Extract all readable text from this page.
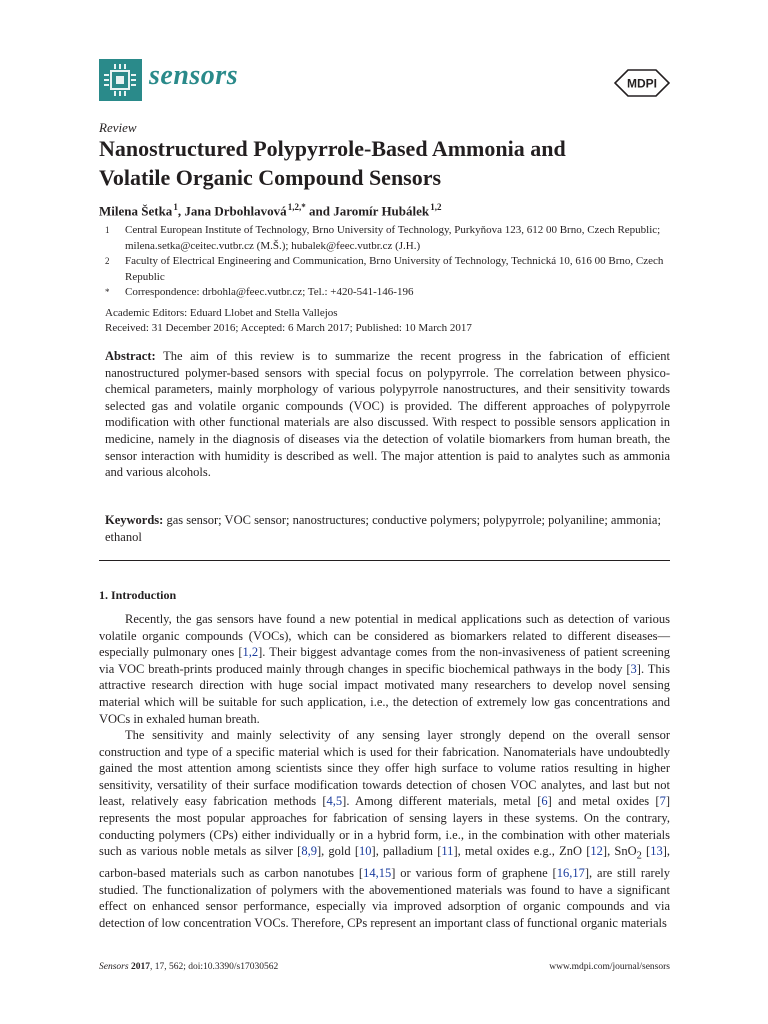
sensors	MDPI
Review
Nanostructured Polypyrrole-Based Ammonia and
Volatile Organic Compound Sensors
Milena Šetka $^1$, Jana Drbohlavová $^{1,2,*}$ and Jaromír Hubálek $^{1,2}$
1 Central European Institute of Technology, Brno University of Technology, Purkyňova 123, 612 00 Brno, Czech Republic; milena.setka@ceitec.vutbr.cz (M.Š.); hubalek@feec.vutbr.cz (J.H.)
2 Faculty of Electrical Engineering and Communication, Brno University of Technology, Technická 10, 616 00 Brno, Czech Republic
* Correspondence: drbohla@feec.vutbr.cz; Tel.: +420-541-146-196
Academic Editors: Eduard Llobet and Stella Vallejos
Received: 31 December 2016; Accepted: 6 March 2017; Published: 10 March 2017
Abstract: The aim of this review is to summarize the recent progress in the fabrication of efficient nanostructured polymer-based sensors with special focus on polypyrrole. The correlation between physico-chemical parameters, mainly morphology of various polypyrrole nanostructures, and their sensitivity towards selected gas and volatile organic compounds (VOC) is provided. The different approaches of polypyrrole modification with other functional materials are also discussed. With respect to possible sensors application in medicine, namely in the diagnosis of diseases via the detection of volatile biomarkers from human breath, the sensor interaction with humidity is described as well. The major attention is paid to analytes such as ammonia and various alcohols.
Keywords: gas sensor; VOC sensor; nanostructures; conductive polymers; polypyrrole; polyaniline; ammonia; ethanol
1. Introduction
Recently, the gas sensors have found a new potential in medical applications such as detection of various volatile organic compounds (VOCs), which can be considered as biomarkers related to different diseases—especially pulmonary ones [1,2]. Their biggest advantage comes from the non-invasiveness of patient screening via VOC breath-prints produced mainly through changes in specific biochemical pathways in the body [3]. This attractive research direction with huge social impact motivated many researchers to develop novel sensing material which will be suitable for such application, i.e., the detection of extremely low gas concentrations and VOCs in exhaled human breath.
The sensitivity and mainly selectivity of any sensing layer strongly depend on the overall sensor construction and type of a specific material which is used for their fabrication. Nanomaterials have undoubtedly gained the most attention among scientists since they offer high surface to volume ratios resulting in higher sensitivity, versatility of their surface modification towards detection of chosen VOC analytes, and last but not least, relatively easy fabrication methods [4,5]. Among different materials, metal [6] and metal oxides [7] represents the most popular approaches for fabrication of sensing layers in these systems. On the contrary, conducting polymers (CPs) either individually or in a hybrid form, i.e., in the combination with other materials such as various noble metals as silver [8,9], gold [10], palladium [11], metal oxides e.g., ZnO [12], SnO$_2$ [13], carbon-based materials such as carbon nanotubes [14,15] or various form of graphene [16,17], are still rarely studied. The functionalization of polymers with the abovementioned materials was found to have a significant effect on enhanced sensor performance, especially via improved adsorption of organic compounds and via detection of low concentration VOCs. Therefore, CPs represent an important class of functional organic materials
Sensors 2017, 17, 562; doi:10.3390/s17030562	www.mdpi.com/journal/sensors
